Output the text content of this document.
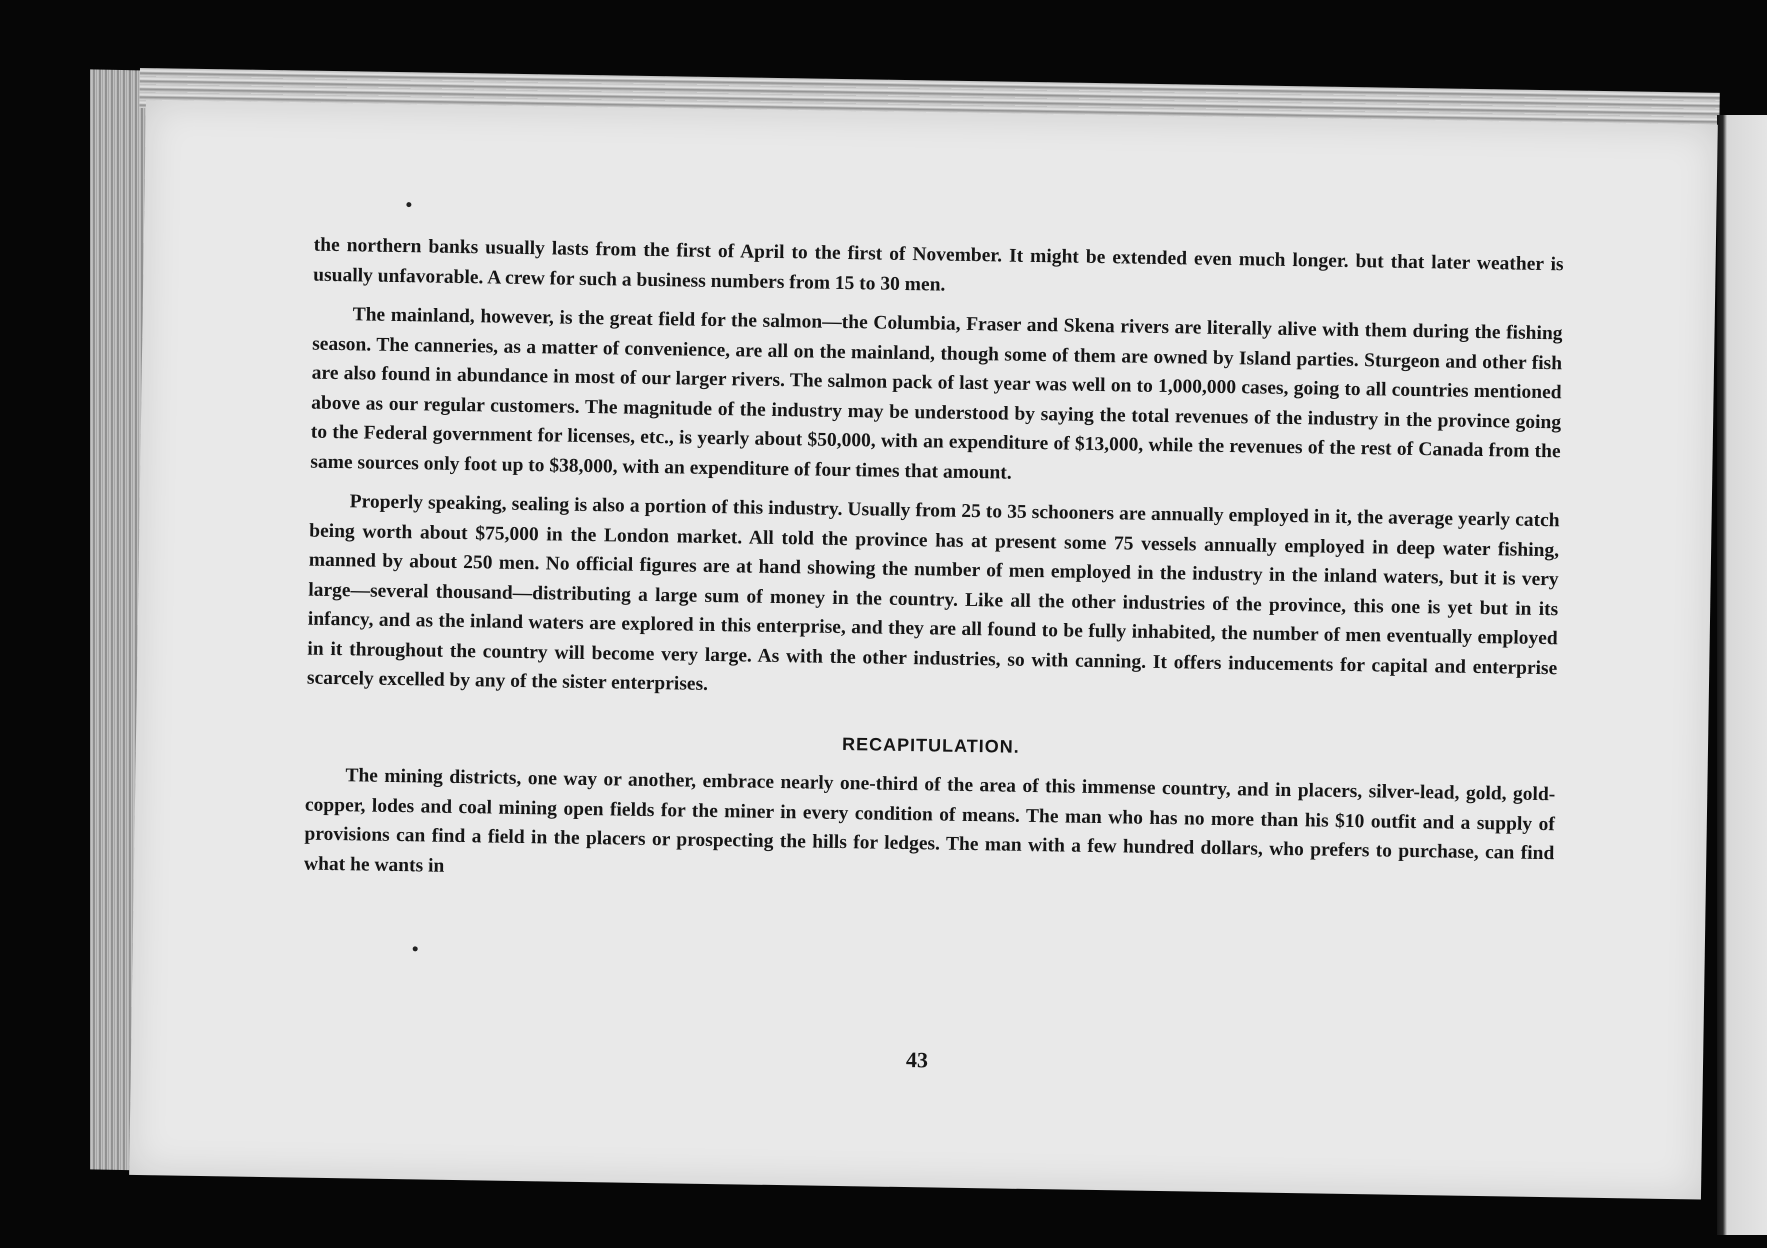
the northern banks usually lasts from the first of April to the first of November. It might be extended even much longer. but that later weather is usually unfavorable. A crew for such a business numbers from 15 to 30 men.

The mainland, however, is the great field for the salmon—the Columbia, Fraser and Skena rivers are literally alive with them during the fishing season. The canneries, as a matter of convenience, are all on the mainland, though some of them are owned by Island parties. Sturgeon and other fish are also found in abundance in most of our larger rivers. The salmon pack of last year was well on to 1,000,000 cases, going to all countries mentioned above as our regular customers. The magnitude of the industry may be understood by saying the total revenues of the industry in the province going to the Federal government for licenses, etc., is yearly about $50,000, with an expenditure of $13,000, while the revenues of the rest of Canada from the same sources only foot up to $38,000, with an expenditure of four times that amount.

Properly speaking, sealing is also a portion of this industry. Usually from 25 to 35 schooners are annually employed in it, the average yearly catch being worth about $75,000 in the London market. All told the province has at present some 75 vessels annually employed in deep water fishing, manned by about 250 men. No official figures are at hand showing the number of men employed in the industry in the inland waters, but it is very large—several thousand—distributing a large sum of money in the country. Like all the other industries of the province, this one is yet but in its infancy, and as the inland waters are explored in this enterprise, and they are all found to be fully inhabited, the number of men eventually employed in it throughout the country will become very large. As with the other industries, so with canning. It offers inducements for capital and enterprise scarcely excelled by any of the sister enterprises.

RECAPITULATION.

The mining districts, one way or another, embrace nearly one-third of the area of this immense country, and in placers, silver-lead, gold, gold-copper, lodes and coal mining open fields for the miner in every condition of means. The man who has no more than his $10 outfit and a supply of provisions can find a field in the placers or prospecting the hills for ledges. The man with a few hundred dollars, who prefers to purchase, can find what he wants in

43
